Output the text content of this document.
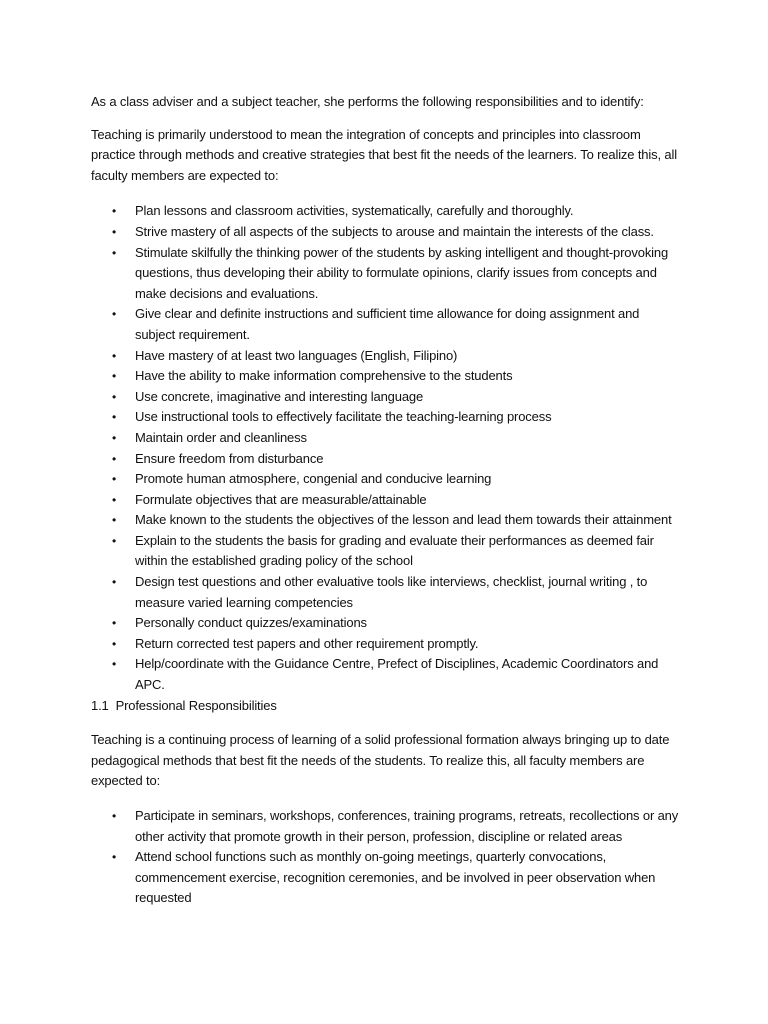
As a class adviser and a subject teacher, she performs the following responsibilities and to identify:

Teaching is primarily understood to mean the integration of concepts and principles into classroom practice through methods and creative strategies that best fit the needs of the learners. To realize this, all faculty members are expected to:

• Plan lessons and classroom activities, systematically, carefully and thoroughly.
• Strive mastery of all aspects of the subjects to arouse and maintain the interests of the class.
• Stimulate skilfully the thinking power of the students by asking intelligent and thought-provoking questions, thus developing their ability to formulate opinions, clarify issues from concepts and make decisions and evaluations.
• Give clear and definite instructions and sufficient time allowance for doing assignment and subject requirement.
• Have mastery of at least two languages (English, Filipino)
• Have the ability to make information comprehensive to the students
• Use concrete, imaginative and interesting language
• Use instructional tools to effectively facilitate the teaching-learning process
• Maintain order and cleanliness
• Ensure freedom from disturbance
• Promote human atmosphere, congenial and conducive learning
• Formulate objectives that are measurable/attainable
• Make known to the students the objectives of the lesson and lead them towards their attainment
• Explain to the students the basis for grading and evaluate their performances as deemed fair within the established grading policy of the school
• Design test questions and other evaluative tools like interviews, checklist, journal writing , to measure varied learning competencies
• Personally conduct quizzes/examinations
• Return corrected test papers and other requirement promptly.
• Help/coordinate with the Guidance Centre, Prefect of Disciplines, Academic Coordinators and APC.

1.1 Professional Responsibilities

Teaching is a continuing process of learning of a solid professional formation always bringing up to date pedagogical methods that best fit the needs of the students. To realize this, all faculty members are expected to:

• Participate in seminars, workshops, conferences, training programs, retreats, recollections or any other activity that promote growth in their person, profession, discipline or related areas
• Attend school functions such as monthly on-going meetings, quarterly convocations, commencement exercise, recognition ceremonies, and be involved in peer observation when requested
